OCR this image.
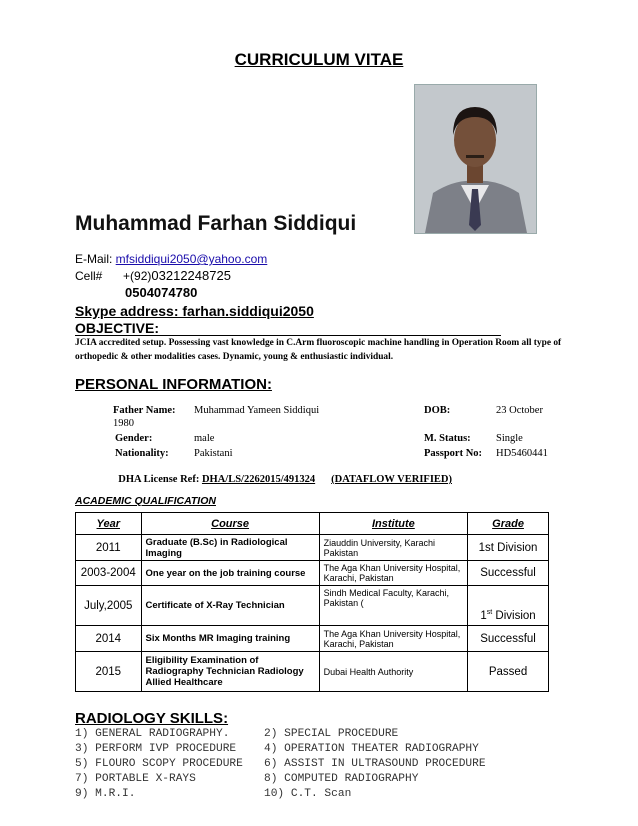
CURRICULUM VITAE
Muhammad Farhan Siddiqui
E-Mail: mfsiddiqui2050@yahoo.com
Cell# +(92)03212248725
0504074780
Skype address: farhan.siddiqui2050
OBJECTIVE:
JCIA accredited setup. Possessing vast knowledge in C.Arm fluoroscopic machine handling in Operation Room all type of orthopedic & other modalities cases. Dynamic, young & enthusiastic individual.
PERSONAL INFORMATION:
Father Name: Muhammad Yameen Siddiqui	DOB:	23 October
1980
Gender:	male	M. Status: Single
Nationality: Pakistani	Passport No: HD5460441

DHA License Ref: DHA/LS/2262015/491324 (DATAFLOW VERIFIED)

ACADEMIC QUALIFICATION
Year	Course	Institute	Grade
2011	Graduate (B.Sc) in Radiological Imaging	Ziauddin University, Karachi Pakistan	1st Division
2003-2004	One year on the job training course	The Aga Khan University Hospital, Karachi, Pakistan	Successful
July,2005	Certificate of X-Ray Technician	Sindh Medical Faculty, Karachi, Pakistan (	1st Division
2014	Six Months MR Imaging training	The Aga Khan University Hospital, Karachi, Pakistan	Successful
2015	Eligibility Examination of Radiography Technician Radiology Allied Healthcare	Dubai Health Authority	Passed
RADIOLOGY SKILLS:
1) GENERAL RADIOGRAPHY.	2) SPECIAL PROCEDURE
3) PERFORM IVP PROCEDURE 4) OPERATION THEATER RADIOGRAPHY
5) FLOURO SCOPY PROCEDURE 6) ASSIST IN ULTRASOUND PROCEDURE
7) PORTABLE X-RAYS	8) COMPUTED RADIOGRAPHY
9) M.R.I.	10) C.T. Scan
